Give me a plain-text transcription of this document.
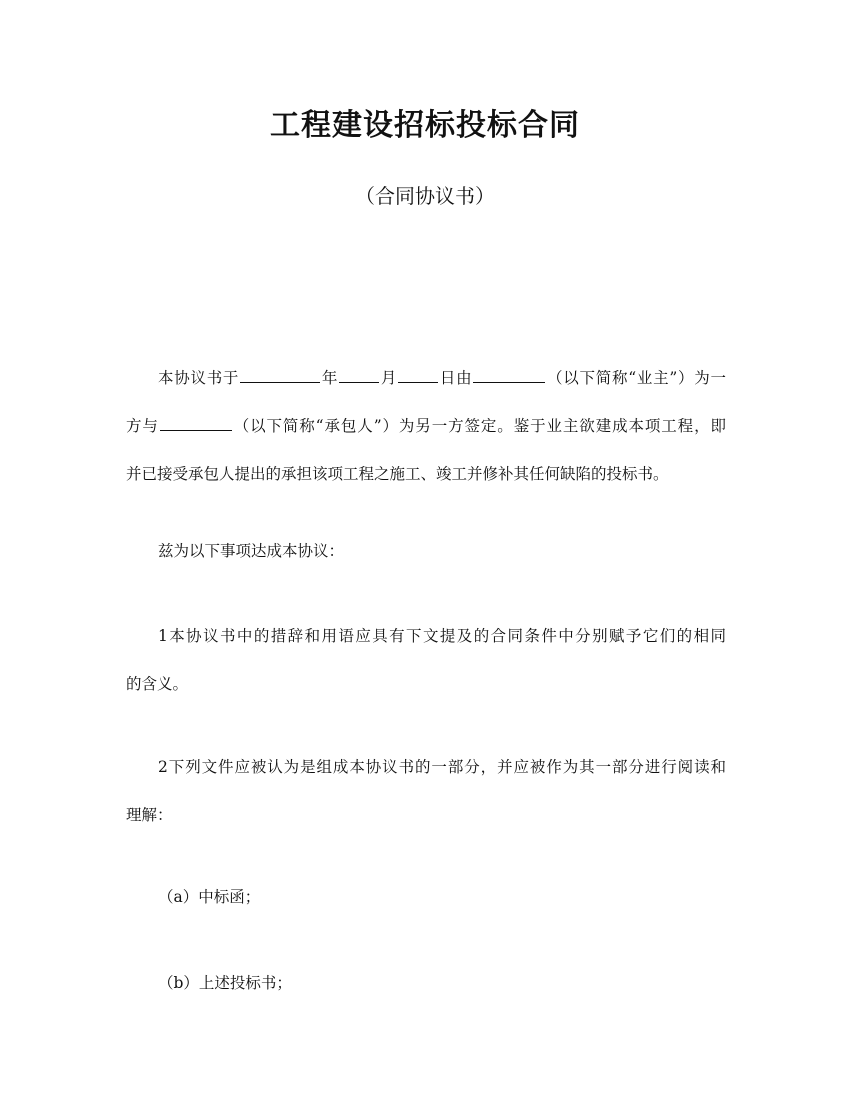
工程建设招标投标合同
（合同协议书）
本协议书于	年	月	日由	（以下简称“业主”）为一
方与	（以下简称“承包人”）为另一方签定。鉴于业主欲建成本项工程，即
并已接受承包人提出的承担该项工程之施工、竣工并修补其任何缺陷的投标书。
兹为以下事项达成本协议：
1本协议书中的措辞和用语应具有下文提及的合同条件中分别赋予它们的相同
的含义。
2下列文件应被认为是组成本协议书的一部分，并应被作为其一部分进行阅读和
理解：
（a）中标函；
（b）上述投标书；
